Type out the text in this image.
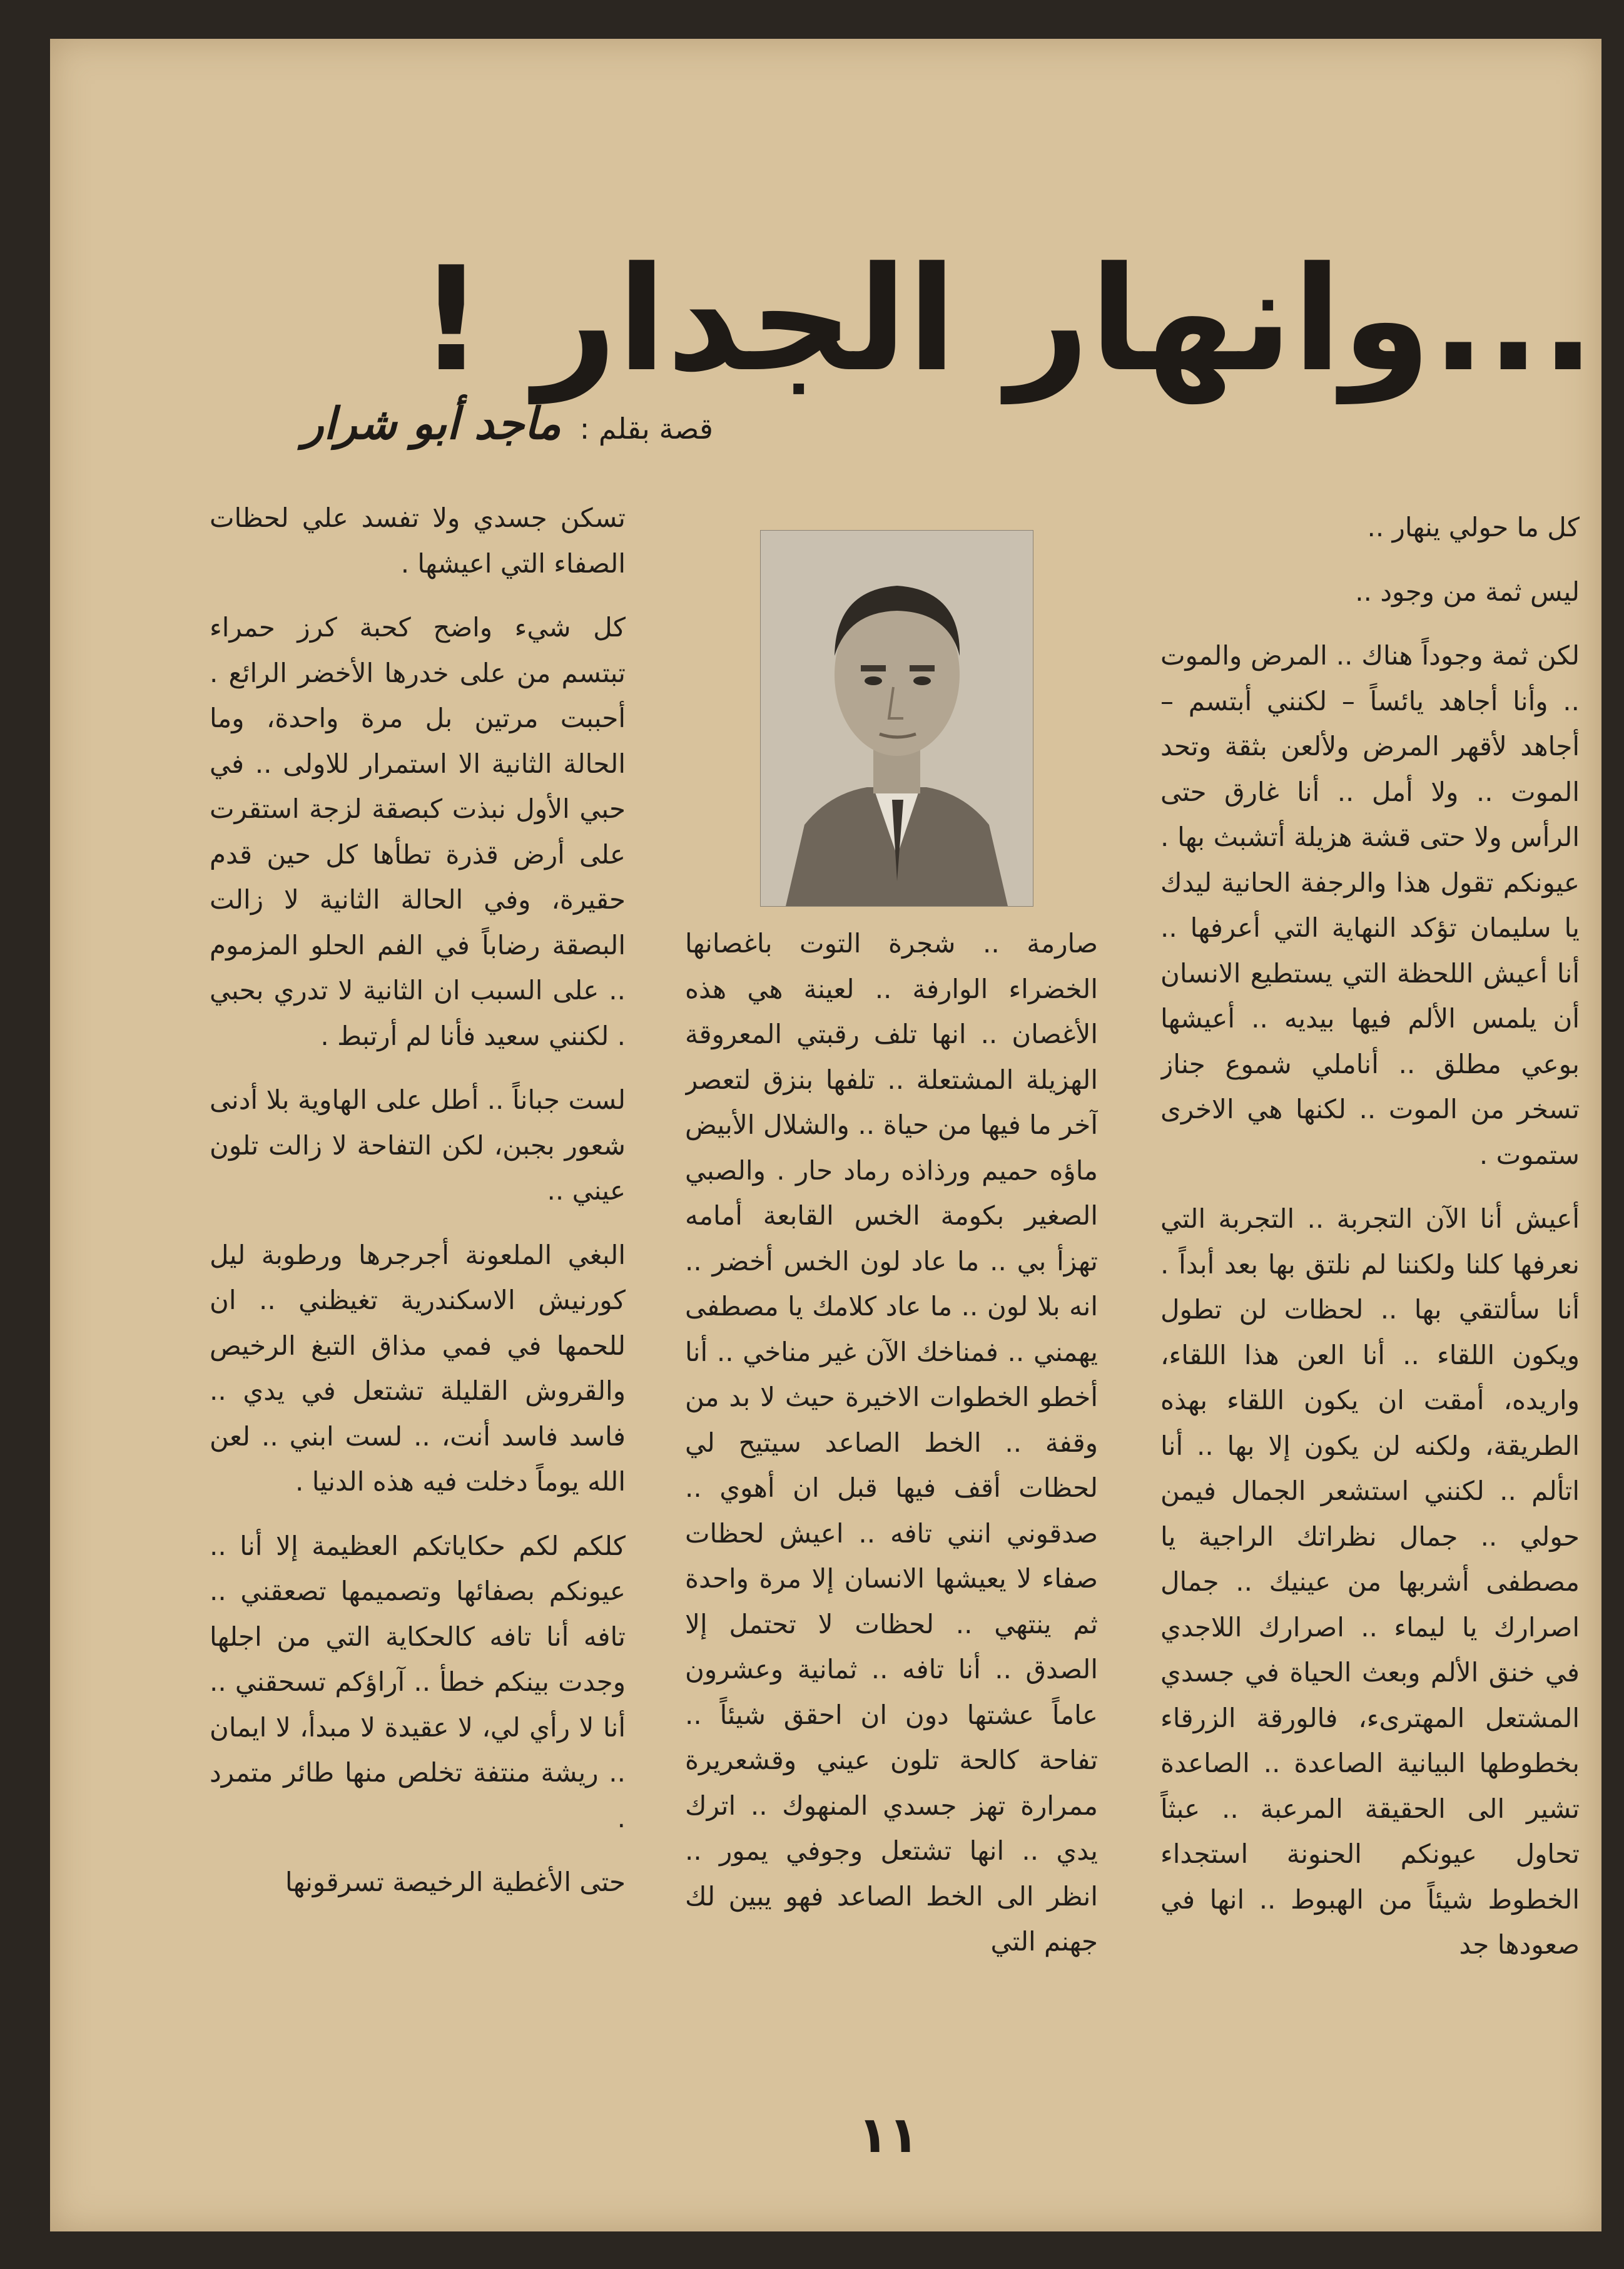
...وانهار الجدار !
قصة بقلم :ماجد أبو شرار

كل ما حولي ينهار ..

ليس ثمة من وجود ..

لكن ثمة وجوداً هناك .. المرض والموت .. وأنا أجاهد يائساً – لكنني أبتسم – أجاهد لأقهر المرض ولألعن بثقة وتحد الموت .. ولا أمل .. أنا غارق حتى الرأس ولا حتى قشة هزيلة أتشبث بها . عيونكم تقول هذا والرجفة الحانية ليدك يا سليمان تؤكد النهاية التي أعرفها .. أنا أعيش اللحظة التي يستطيع الانسان أن يلمس الألم فيها بيديه .. أعيشها بوعي مطلق .. أناملي شموع جناز تسخر من الموت .. لكنها هي الاخرى ستموت .

أعيش أنا الآن التجربة .. التجربة التي نعرفها كلنا ولكننا لم نلتق بها بعد أبداً . أنا سألتقي بها .. لحظات لن تطول ويكون اللقاء .. أنا العن هذا اللقاء، واريده، أمقت ان يكون اللقاء بهذه الطريقة، ولكنه لن يكون إلا بها .. أنا اتألم .. لكنني استشعر الجمال فيمن حولي .. جمال نظراتك الراجية يا مصطفى أشربها من عينيك .. جمال اصرارك يا ليماء .. اصرارك اللاجدي في خنق الألم وبعث الحياة في جسدي المشتعل المهترىء، فالورقة الزرقاء بخطوطها البيانية الصاعدة .. الصاعدة تشير الى الحقيقة المرعبة .. عبثاً تحاول عيونكم الحنونة استجداء الخطوط شيئاً من الهبوط .. انها في صعودها جد

صارمة .. شجرة التوت باغصانها الخضراء الوارفة .. لعينة هي هذه الأغصان .. انها تلف رقبتي المعروقة الهزيلة المشتعلة .. تلفها بنزق لتعصر آخر ما فيها من حياة .. والشلال الأبيض ماؤه حميم ورذاذه رماد حار . والصبي الصغير بكومة الخس القابعة أمامه تهزأ بي .. ما عاد لون الخس أخضر .. انه بلا لون .. ما عاد كلامك يا مصطفى يهمني .. فمناخك الآن غير مناخي .. أنا أخطو الخطوات الاخيرة حيث لا بد من وقفة .. الخط الصاعد سيتيح لي لحظات أقف فيها قبل ان أهوي .. صدقوني انني تافه .. اعيش لحظات صفاء لا يعيشها الانسان إلا مرة واحدة ثم ينتهي .. لحظات لا تحتمل إلا الصدق .. أنا تافه .. ثمانية وعشرون عاماً عشتها دون ان احقق شيئاً .. تفاحة كالحة تلون عيني وقشعريرة ممرارة تهز جسدي المنهوك .. اترك يدي .. انها تشتعل وجوفي يمور .. انظر الى الخط الصاعد فهو يبين لك جهنم التي

تسكن جسدي ولا تفسد علي لحظات الصفاء التي اعيشها .

كل شيء واضح كحبة كرز حمراء تبتسم من على خدرها الأخضر الرائع . أحببت مرتين بل مرة واحدة، وما الحالة الثانية الا استمرار للاولى .. في حبي الأول نبذت كبصقة لزجة استقرت على أرض قذرة تطأها كل حين قدم حقيرة، وفي الحالة الثانية لا زالت البصقة رضاباً في الفم الحلو المزموم .. على السبب ان الثانية لا تدري بحبي . لكنني سعيد فأنا لم أرتبط .

لست جباناً .. أطل على الهاوية بلا أدنى شعور بجبن، لكن التفاحة لا زالت تلون عيني ..

البغي الملعونة أجرجرها ورطوبة ليل كورنيش الاسكندرية تغيظني .. ان للحمها في فمي مذاق التبغ الرخيص والقروش القليلة تشتعل في يدي .. فاسد فاسد أنت، .. لست ابني .. لعن الله يوماً دخلت فيه هذه الدنيا .

كلكم لكم حكاياتكم العظيمة إلا أنا .. عيونكم بصفائها وتصميمها تصعقني .. تافه أنا تافه كالحكاية التي من اجلها وجدت بينكم خطأ .. آراؤكم تسحقني .. أنا لا رأي لي، لا عقيدة لا مبدأ، لا ايمان .. ريشة منتفة تخلص منها طائر متمرد .

حتى الأغطية الرخيصة تسرقونها

١١
